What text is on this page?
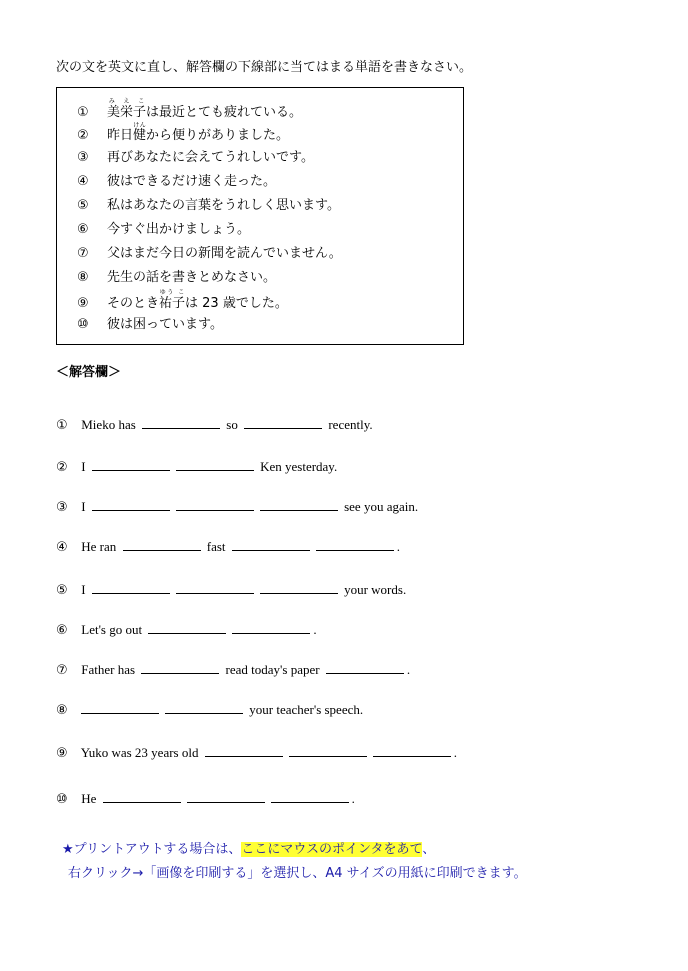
次の文を英文に直し、解答欄の下線部に当てはまる単語を書きなさい。
① 美栄子み え こは最近とても疲れている。
② 昨日健けんから便りがありました。
③ 再びあなたに会えてうれしいです。
④ 彼はできるだけ速く走った。
⑤ 私はあなたの言葉をうれしく思います。
⑥ 今すぐ出かけましょう。
⑦ 父はまだ今日の新聞を読んでいません。
⑧ 先生の話を書きとめなさい。
⑨ そのとき祐子ゆう こは 23 歳でした。
⑩ 彼は困っています。
＜解答欄＞
① Mieko has	so	recently.
② I	Ken yesterday.
③ I	see you again.
④ He ran	fast	.
⑤ I	your words.
⑥ Let's go out	.
⑦ Father has	read today's paper	.
⑧	your teacher's speech.
⑨ Yuko was 23 years old	.
⑩ He	.
★プリントアウトする場合は、ここにマウスのポインタをあて、
右クリック→「画像を印刷する」を選択し、A4 サイズの用紙に印刷できます。
